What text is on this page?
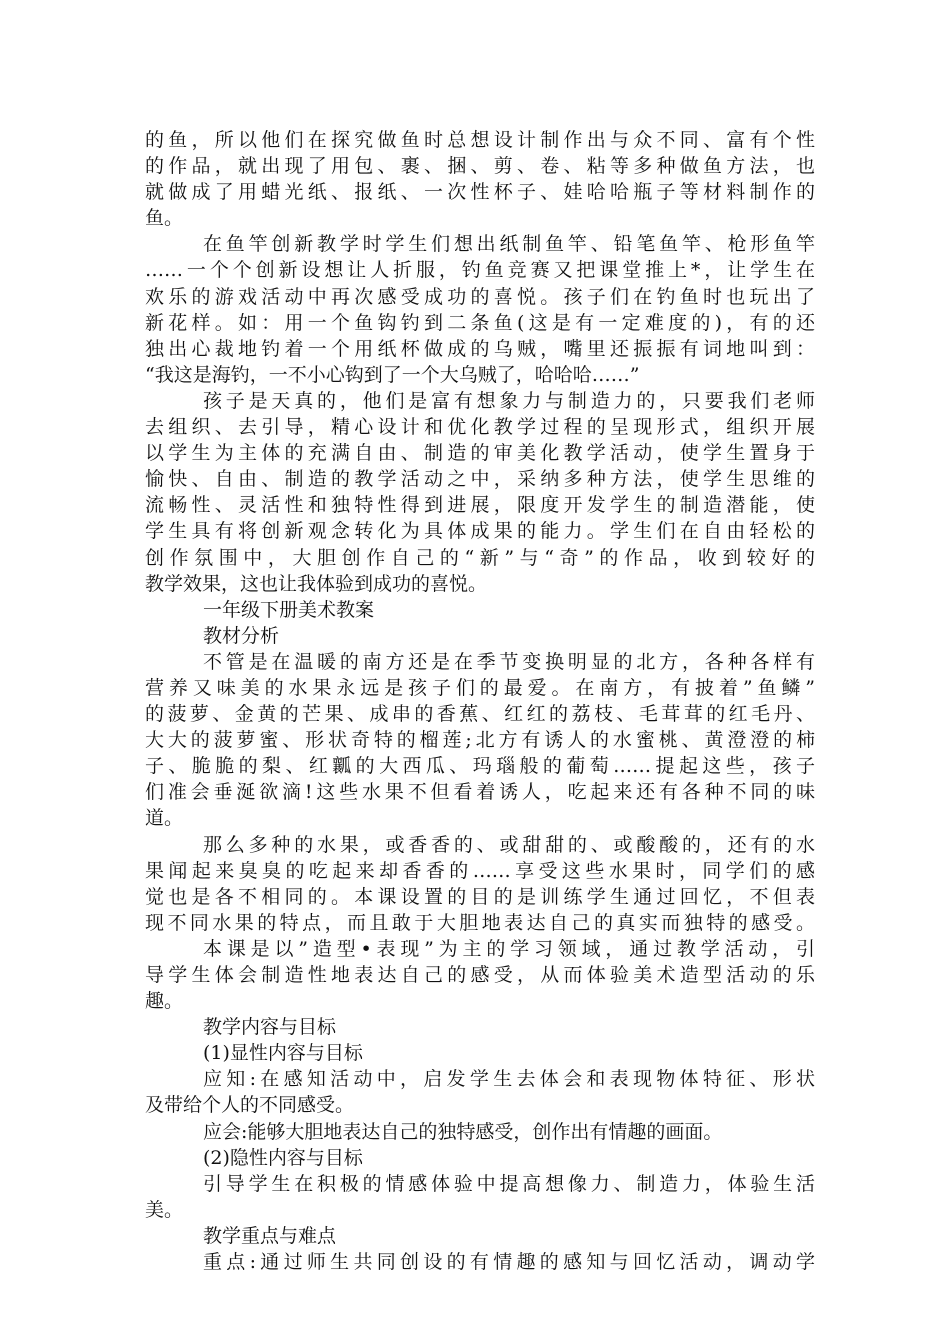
的鱼，所以他们在探究做鱼时总想设计制作出与众不同、富有个性
的作品，就出现了用包、裹、捆、剪、卷、粘等多种做鱼方法，也
就做成了用蜡光纸、报纸、一次性杯子、娃哈哈瓶子等材料制作的
鱼。
在鱼竿创新教学时学生们想出纸制鱼竿、铅笔鱼竿、枪形鱼竿
……一个个创新设想让人折服，钓鱼竞赛又把课堂推上*，让学生在
欢乐的游戏活动中再次感受成功的喜悦。孩子们在钓鱼时也玩出了
新花样。如：用一个鱼钩钓到二条鱼(这是有一定难度的)，有的还
独出心裁地钓着一个用纸杯做成的乌贼，嘴里还振振有词地叫到：
“我这是海钓，一不小心钩到了一个大乌贼了，哈哈哈……”
孩子是天真的，他们是富有想象力与制造力的，只要我们老师
去组织、去引导，精心设计和优化教学过程的呈现形式，组织开展
以学生为主体的充满自由、制造的审美化教学活动，使学生置身于
愉快、自由、制造的教学活动之中，采纳多种方法，使学生思维的
流畅性、灵活性和独特性得到进展，限度开发学生的制造潜能，使
学生具有将创新观念转化为具体成果的能力。学生们在自由轻松的
创作氛围中，大胆创作自己的“新”与“奇”的作品，收到较好的
教学效果，这也让我体验到成功的喜悦。
一年级下册美术教案
教材分析
不管是在温暖的南方还是在季节变换明显的北方，各种各样有
营养又味美的水果永远是孩子们的最爱。在南方，有披着”鱼鳞”
的菠萝、金黄的芒果、成串的香蕉、红红的荔枝、毛茸茸的红毛丹、
大大的菠萝蜜、形状奇特的榴莲;北方有诱人的水蜜桃、黄澄澄的柿
子、脆脆的梨、红瓤的大西瓜、玛瑙般的葡萄……提起这些，孩子
们准会垂涎欲滴!这些水果不但看着诱人，吃起来还有各种不同的味
道。
那么多种的水果，或香香的、或甜甜的、或酸酸的，还有的水
果闻起来臭臭的吃起来却香香的……享受这些水果时，同学们的感
觉也是各不相同的。本课设置的目的是训练学生通过回忆，不但表
现不同水果的特点，而且敢于大胆地表达自己的真实而独特的感受。
本课是以”造型•表现”为主的学习领域，通过教学活动，引
导学生体会制造性地表达自己的感受，从而体验美术造型活动的乐
趣。
教学内容与目标
(1)显性内容与目标
应知:在感知活动中，启发学生去体会和表现物体特征、形状
及带给个人的不同感受。
应会:能够大胆地表达自己的独特感受，创作出有情趣的画面。
(2)隐性内容与目标
引导学生在积极的情感体验中提高想像力、制造力，体验生活
美。
教学重点与难点
重点:通过师生共同创设的有情趣的感知与回忆活动，调动学
